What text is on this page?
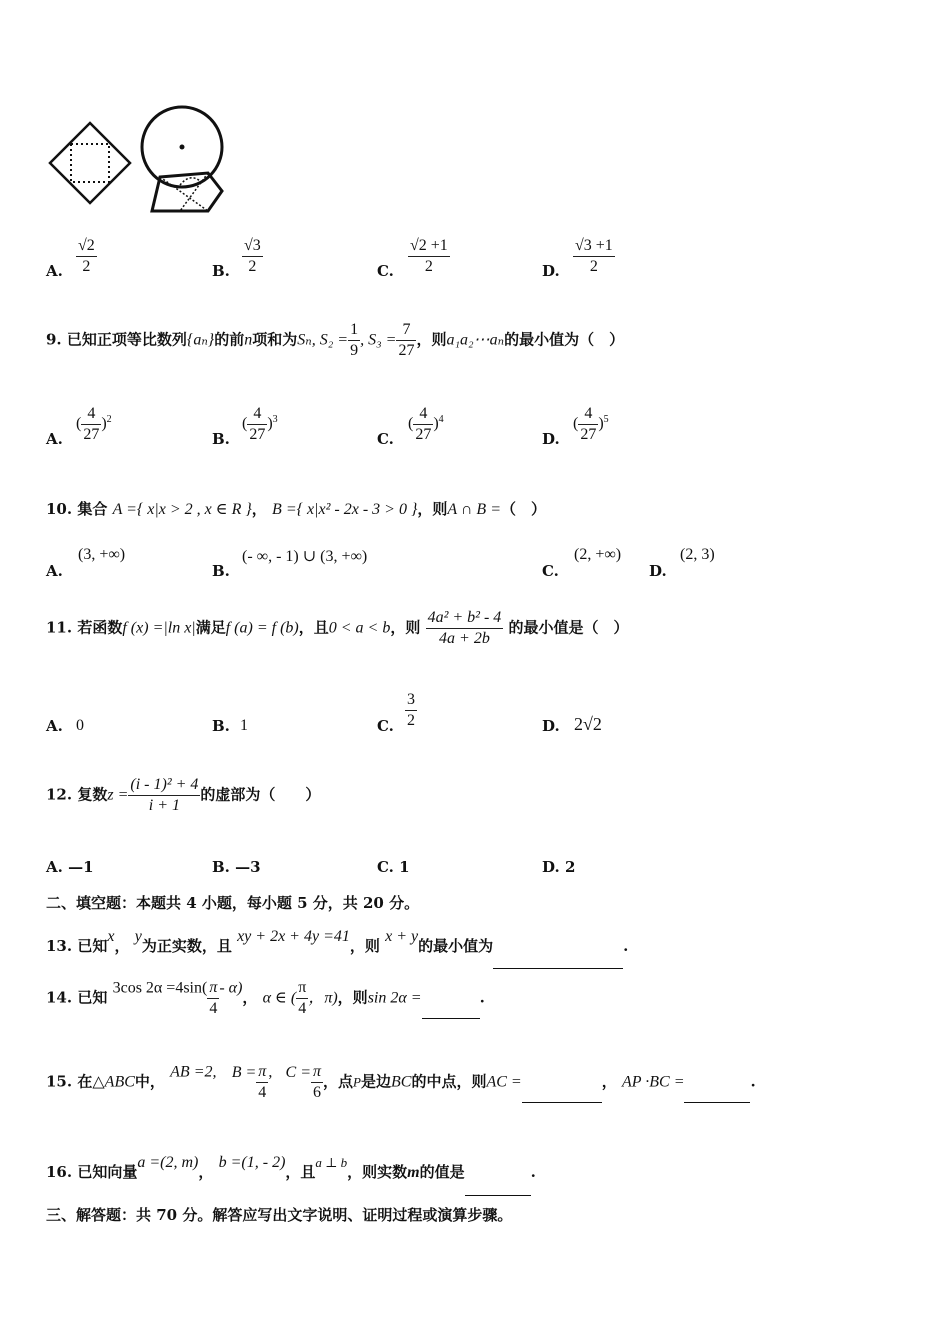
A. $\frac{√2}{2}$	B. $\frac{√3}{2}$	C. $\frac{√2 +1}{2}$	D. $\frac{√3 +1}{2}$
9. 已知正项等比数列{aₙ}的前n项和为Sₙ, $S_2 = \frac{1}{9}$ , $S_3 = \frac{7}{27}$ ，则a₁a₂⋯aₙ的最小值为（　）
A.
( $\frac{4}{27} )^2$
B.
( $\frac{4}{27} )^3$
C.
( $\frac{4}{27} )^4$
D.
( $\frac{4}{27} )^5$
10. 集合 A ={ x|x > 2 , x ∈ R }， B ={ x|x² - 2x - 3 > 0 }，则A ∩ B =（　）
A.
(3, +∞)
B.
(- ∞, - 1) ∪ (3, +∞)
C.
(2, +∞)
D.
(2, 3)
11. 若函数f (x) =|ln x|满足f (a) = f (b)，且0 < a < b，则 $\frac{\text{4a² + b² - 4}}{4a + 2b}$ 的最小值是（　）
A. 0	B. 1	C. $\frac{3}{2}$	D. 2√2
12. 复数$z = \frac{\text{(i - 1)² + 4}}{i + 1}$ 的虚部为（　　）
A. —1	B. —3	C. 1	D. 2
二、填空题：本题共 4 小题，每小题 5 分，共 20 分。
13. 已知x， y为正实数，且 xy + 2x + 4y =41，则 x + y的最小值为	.
14. 已知 3cos $2\alpha =4\sin( \frac{\pi}{4} - \alpha)$， α ∈ ( $\frac{\pi}{4}$ ，π)，则sin 2α =	.
15. 在△ABC中， AB =2, $B = \frac{\pi}{4}$ , $C = \frac{\pi}{6}$ ，点P是边BC的中点，则AC =	， AP ·BC =	.
16. 已知向量a =(2, m)， b =(1, - 2)，且a ⊥ b，则实数m的值是	.
三、解答题：共 70 分。解答应写出文字说明、证明过程或演算步骤。
